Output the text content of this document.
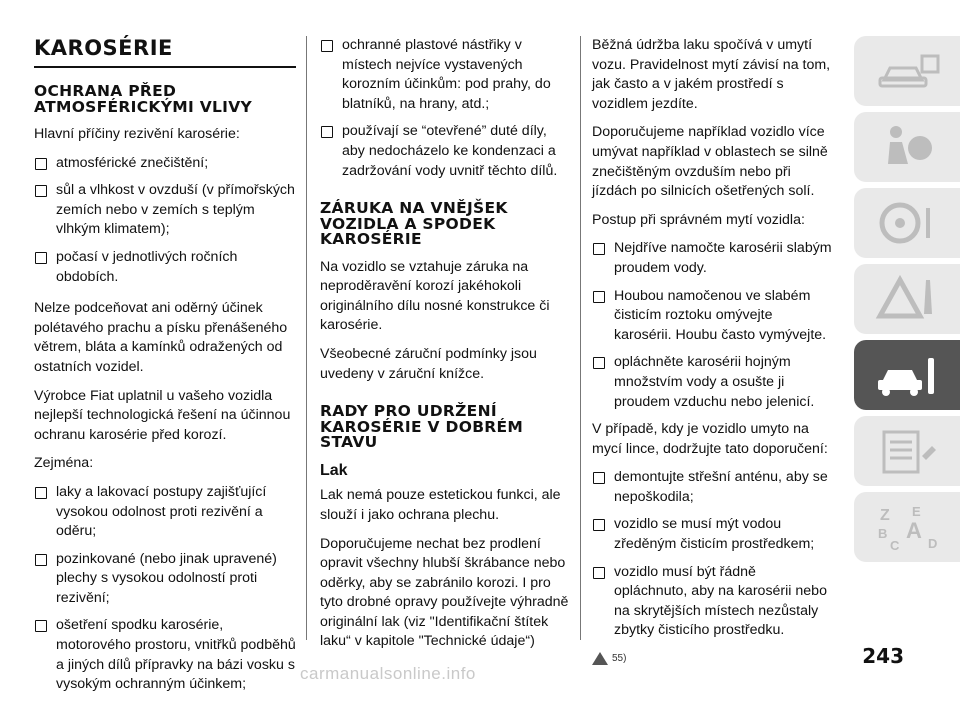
KAROSÉRIE
OCHRANA PŘED ATMOSFÉRICKÝMI VLIVY

Hlavní příčiny rezivění karosérie:

atmosférické znečištění;
sůl a vlhkost v ovzduší (v přímořských zemích nebo v zemích s teplým vlhkým klimatem);
počasí v jednotlivých ročních obdobích.

Nelze podceňovat ani oděrný účinek polétavého prachu a písku přenášeného větrem, bláta a kamínků odražených od ostatních vozidel.

Výrobce Fiat uplatnil u vašeho vozidla nejlepší technologická řešení na účinnou ochranu karosérie před korozí.

Zejména:

laky a lakovací postupy zajišťující vysokou odolnost proti rezivění a oděru;
pozinkované (nebo jinak upravené) plechy s vysokou odolností proti rezivění;
ošetření spodku karosérie, motorového prostoru, vnitřků podběhů a jiných dílů přípravky na bázi vosku s vysokým ochranným účinkem;
ochranné plastové nástřiky v místech nejvíce vystavených korozním účinkům: pod prahy, do blatníků, na hrany, atd.;
používají se “otevřené” duté díly, aby nedocházelo ke kondenzaci a zadržování vody uvnitř těchto dílů.
ZÁRUKA NA VNĚJŠEK VOZIDLA A SPODEK KAROSÉRIE

Na vozidlo se vztahuje záruka na neproděravění korozí jakéhokoli originálního dílu nosné konstrukce či karosérie.

Všeobecné záruční podmínky jsou uvedeny v záruční knížce.

RADY PRO UDRŽENÍ KAROSÉRIE V DOBRÉM STAVU
Lak

Lak nemá pouze estetickou funkci, ale slouží i jako ochrana plechu.

Doporučujeme nechat bez prodlení opravit všechny hlubší škrábance nebo oděrky, aby se zabránilo korozi. I pro tyto drobné opravy používejte výhradně originální lak (viz "Identifikační štítek laku“ v kapitole "Technické údaje“)

Běžná údržba laku spočívá v umytí vozu. Pravidelnost mytí závisí na tom, jak často a v jakém prostředí s vozidlem jezdíte.

Doporučujeme například vozidlo více umývat například v oblastech se silně znečištěným ovzduším nebo při jízdách po silnicích ošetřených solí.

Postup při správném mytí vozidla:

Nejdříve namočte karosérii slabým proudem vody.
Houbou namočenou ve slabém čisticím roztoku omývejte karosérii. Houbu často vymývejte.
opláchněte karosérii hojným množstvím vody a osušte ji proudem vzduchu nebo jelenicí.

V případě, kdy je vozidlo umyto na mycí lince, dodržujte tato doporučení:

demontujte střešní anténu, aby se nepoškodila;
vozidlo se musí mýt vodou zředěným čisticím prostředkem;
vozidlo musí být řádně opláchnuto, aby na karosérii nebo na skrytějších místech nezůstaly zbytky čisticího prostředku.
55)
Z E
B A
C D
243
carmanualsonline.info
